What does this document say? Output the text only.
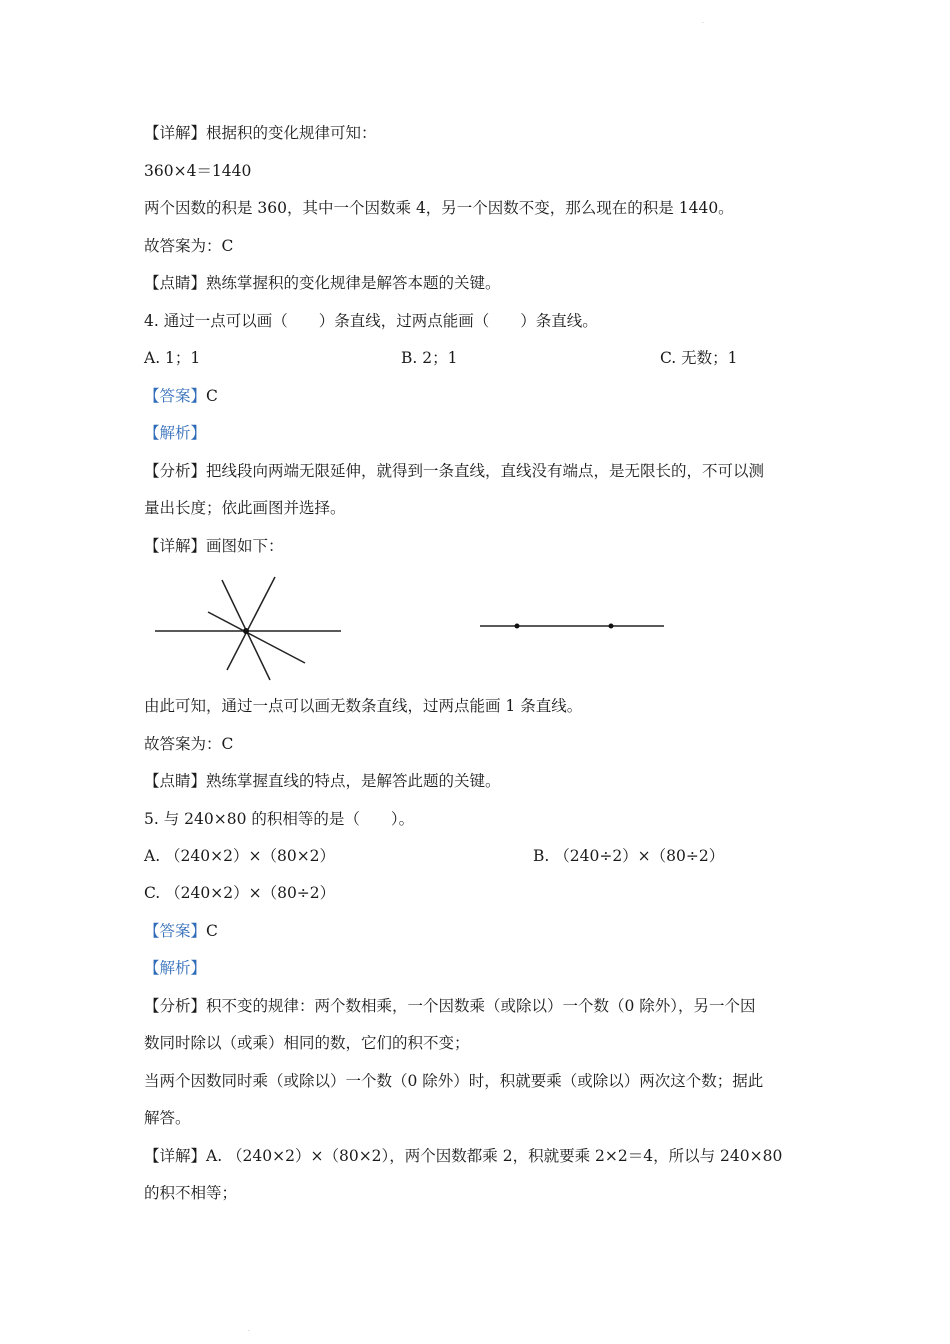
·
【详解】根据积的变化规律可知：
360×4＝1440
两个因数的积是 360，其中一个因数乘 4，另一个因数不变，那么现在的积是 1440。
故答案为：C
【点睛】熟练掌握积的变化规律是解答本题的关键。
4. 通过一点可以画（　　）条直线，过两点能画（　　）条直线。
A. 1；1	B. 2；1	C. 无数；1
【答案】C
【解析】
【分析】把线段向两端无限延伸，就得到一条直线，直线没有端点，是无限长的，不可以测
量出长度；依此画图并选择。
【详解】画图如下：
由此可知，通过一点可以画无数条直线，过两点能画 1 条直线。
故答案为：C
【点睛】熟练掌握直线的特点，是解答此题的关键。
5. 与 240×80 的积相等的是（　　）。
A. （240×2）×（80×2）	B. （240÷2）×（80÷2）
C. （240×2）×（80÷2）
【答案】C
【解析】
【分析】积不变的规律：两个数相乘，一个因数乘（或除以）一个数（0 除外），另一个因
数同时除以（或乘）相同的数，它们的积不变；
当两个因数同时乘（或除以）一个数（0 除外）时，积就要乘（或除以）两次这个数；据此
解答。
【详解】A. （240×2）×（80×2），两个因数都乘 2，积就要乘 2×2＝4，所以与 240×80
的积不相等；
·
